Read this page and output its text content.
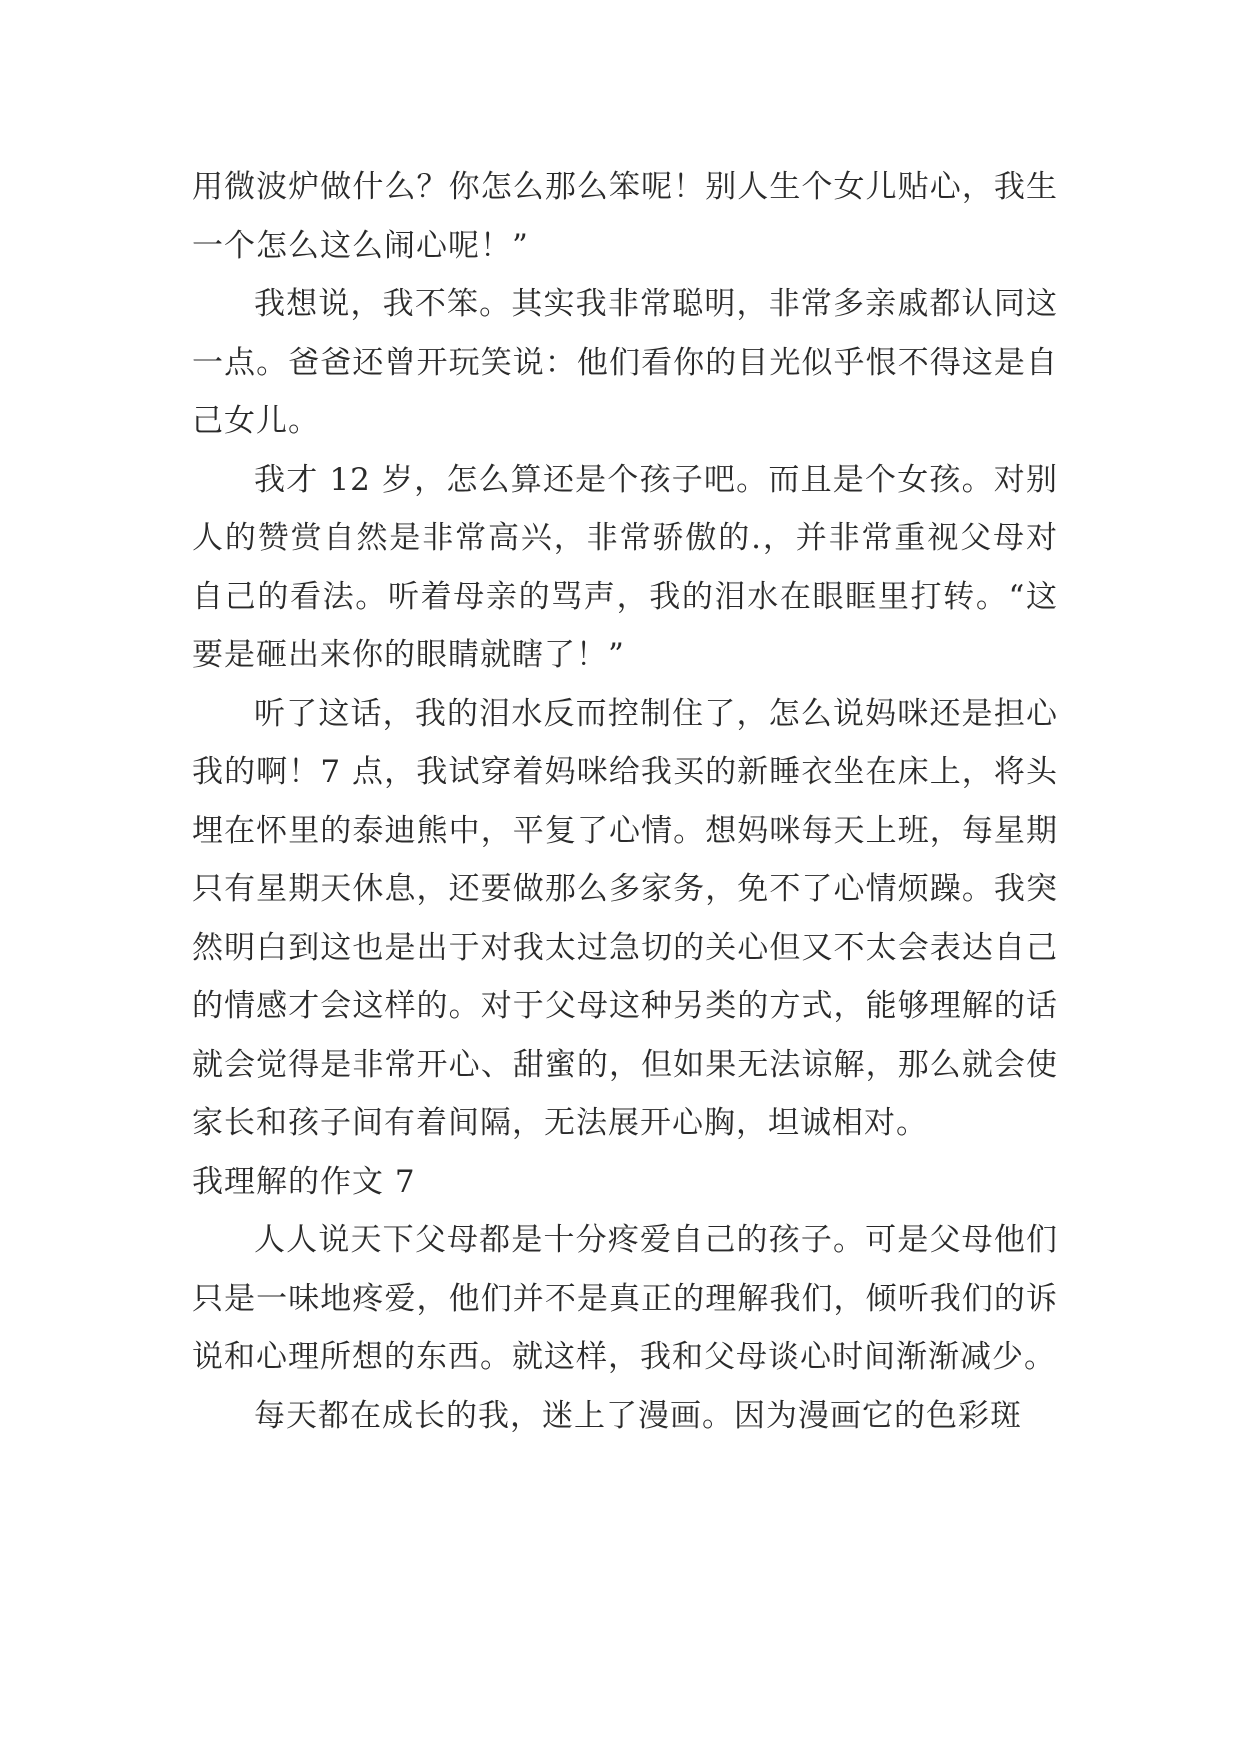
用微波炉做什么？你怎么那么笨呢！别人生个女儿贴心，我生一个怎么这么闹心呢！”

我想说，我不笨。其实我非常聪明，非常多亲戚都认同这一点。爸爸还曾开玩笑说：他们看你的目光似乎恨不得这是自己女儿。

我才 12 岁，怎么算还是个孩子吧。而且是个女孩。对别人的赞赏自然是非常高兴，非常骄傲的.，并非常重视父母对自己的看法。听着母亲的骂声，我的泪水在眼眶里打转。“这要是砸出来你的眼睛就瞎了！”

听了这话，我的泪水反而控制住了，怎么说妈咪还是担心我的啊！7 点，我试穿着妈咪给我买的新睡衣坐在床上，将头埋在怀里的泰迪熊中，平复了心情。想妈咪每天上班，每星期只有星期天休息，还要做那么多家务，免不了心情烦躁。我突然明白到这也是出于对我太过急切的关心但又不太会表达自己的情感才会这样的。对于父母这种另类的方式，能够理解的话就会觉得是非常开心、甜蜜的，但如果无法谅解，那么就会使家长和孩子间有着间隔，无法展开心胸，坦诚相对。

我理解的作文 7

人人说天下父母都是十分疼爱自己的孩子。可是父母他们只是一味地疼爱，他们并不是真正的理解我们，倾听我们的诉说和心理所想的东西。就这样，我和父母谈心时间渐渐减少。

每天都在成长的我，迷上了漫画。因为漫画它的色彩斑
